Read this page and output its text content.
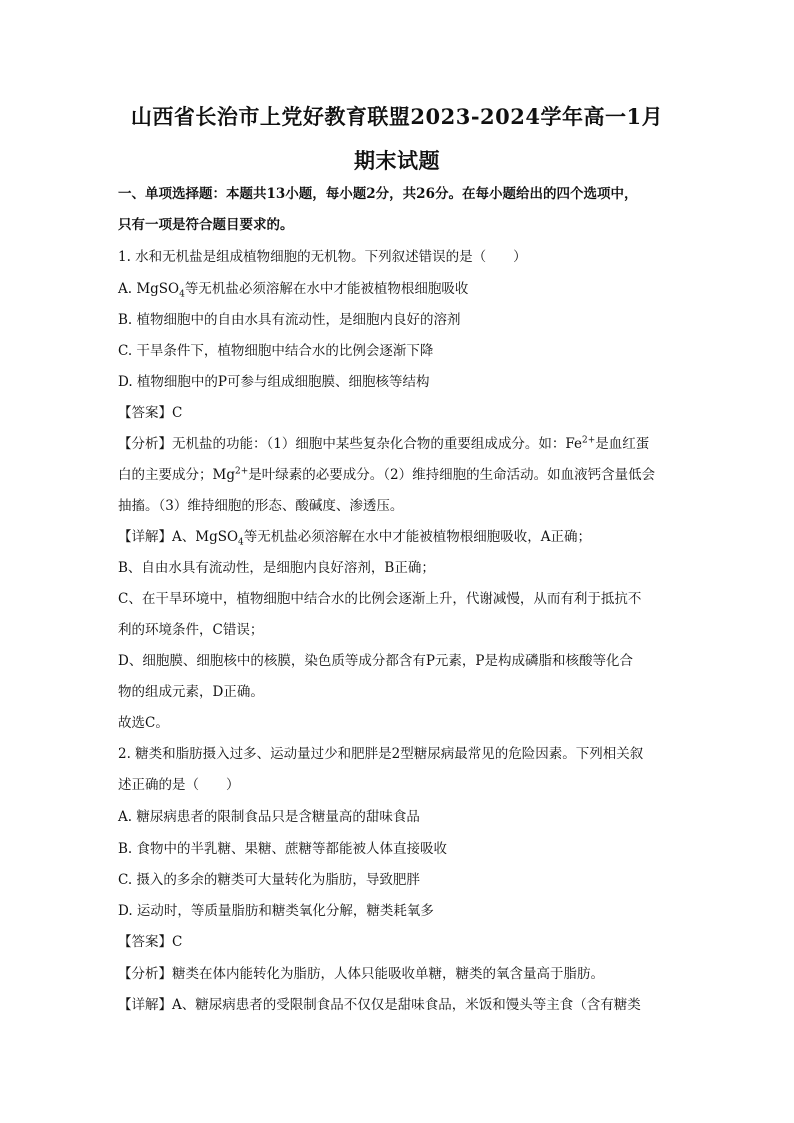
山西省长治市上党好教育联盟2023-2024学年高一1月
期末试题
一、单项选择题：本题共13小题，每小题2分，共26分。在每小题给出的四个选项中，
只有一项是符合题目要求的。
1. 水和无机盐是组成植物细胞的无机物。下列叙述错误的是（　　）
A. MgSO$_4$等无机盐必须溶解在水中才能被植物根细胞吸收
B. 植物细胞中的自由水具有流动性，是细胞内良好的溶剂
C. 干旱条件下，植物细胞中结合水的比例会逐渐下降
D. 植物细胞中的P可参与组成细胞膜、细胞核等结构
【答案】C
【分析】无机盐的功能：（1）细胞中某些复杂化合物的重要组成成分。如：$Fe^{2+}$是血红蛋
白的主要成分；$Mg^{2+}$是叶绿素的必要成分。（2）维持细胞的生命活动。如血液钙含量低会
抽搐。（3）维持细胞的形态、酸碱度、渗透压。
【详解】A、MgSO$_4$等无机盐必须溶解在水中才能被植物根细胞吸收，A正确；
B、自由水具有流动性，是细胞内良好溶剂，B正确；
C、在干旱环境中，植物细胞中结合水的比例会逐渐上升，代谢减慢，从而有利于抵抗不
利的环境条件，C错误；
D、细胞膜、细胞核中的核膜，染色质等成分都含有P元素，P是构成磷脂和核酸等化合
物的组成元素，D正确。
故选C。
2. 糖类和脂肪摄入过多、运动量过少和肥胖是2型糖尿病最常见的危险因素。下列相关叙
述正确的是（　　）
A. 糖尿病患者的限制食品只是含糖量高的甜味食品
B. 食物中的半乳糖、果糖、蔗糖等都能被人体直接吸收
C. 摄入的多余的糖类可大量转化为脂肪，导致肥胖
D. 运动时，等质量脂肪和糖类氧化分解，糖类耗氧多
【答案】C
【分析】糖类在体内能转化为脂肪，人体只能吸收单糖，糖类的氧含量高于脂肪。
【详解】A、糖尿病患者的受限制食品不仅仅是甜味食品，米饭和馒头等主食（含有糖类
